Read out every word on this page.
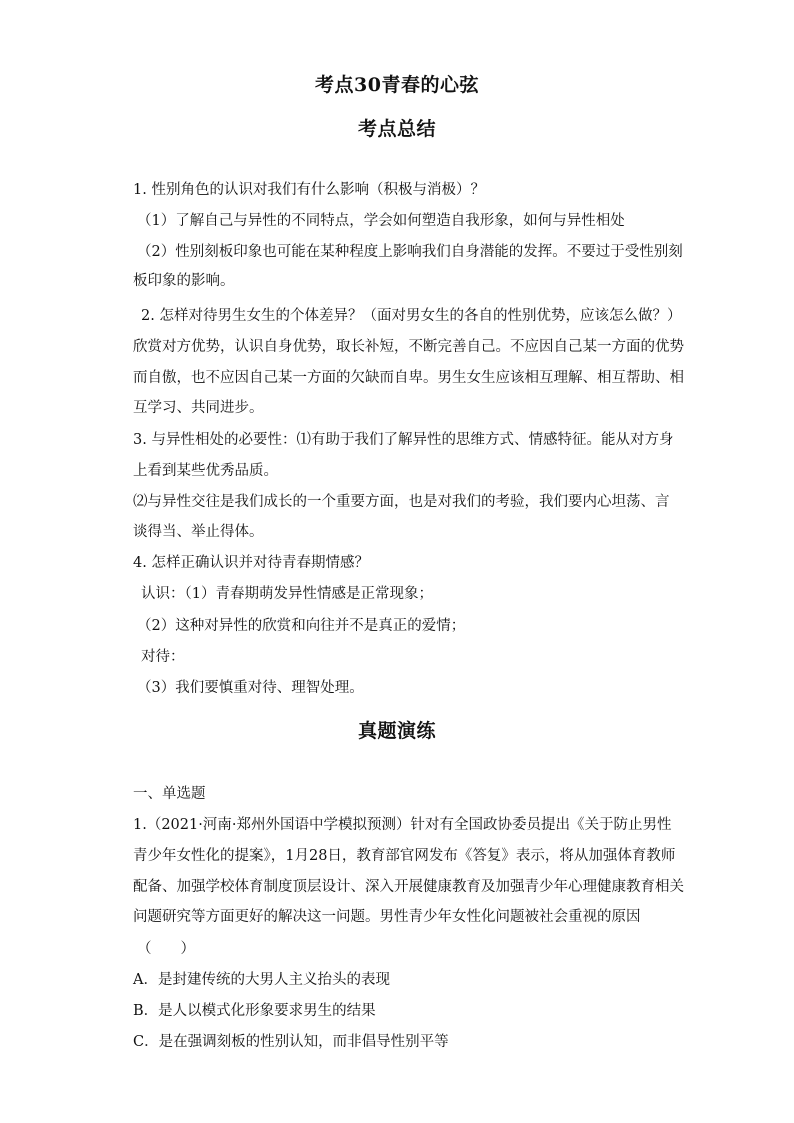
考点30青春的心弦
考点总结
1. 性别角色的认识对我们有什么影响（积极与消极）？
（1）了解自己与异性的不同特点，学会如何塑造自我形象，如何与异性相处
（2）性别刻板印象也可能在某种程度上影响我们自身潜能的发挥。不要过于受性别刻
板印象的影响。
2. 怎样对待男生女生的个体差异？（面对男女生的各自的性别优势，应该怎么做？）
欣赏对方优势，认识自身优势，取长补短，不断完善自己。不应因自己某一方面的优势
而自傲，也不应因自己某一方面的欠缺而自卑。男生女生应该相互理解、相互帮助、相
互学习、共同进步。
3. 与异性相处的必要性：⑴有助于我们了解异性的思维方式、情感特征。能从对方身
上看到某些优秀品质。
⑵与异性交往是我们成长的一个重要方面，也是对我们的考验，我们要内心坦荡、言
谈得当、举止得体。
4. 怎样正确认识并对待青春期情感？
认识：（1）青春期萌发异性情感是正常现象；
（2）这种对异性的欣赏和向往并不是真正的爱情；
对待：
（3）我们要慎重对待、理智处理。
真题演练
一、单选题
1.（2021·河南·郑州外国语中学模拟预测）针对有全国政协委员提出《关于防止男性
青少年女性化的提案》，1月28日，教育部官网发布《答复》表示，将从加强体育教师
配备、加强学校体育制度顶层设计、深入开展健康教育及加强青少年心理健康教育相关
问题研究等方面更好的解决这一问题。男性青少年女性化问题被社会重视的原因
（　　）
A．是封建传统的大男人主义抬头的表现
B．是人以模式化形象要求男生的结果
C．是在强调刻板的性别认知，而非倡导性别平等
